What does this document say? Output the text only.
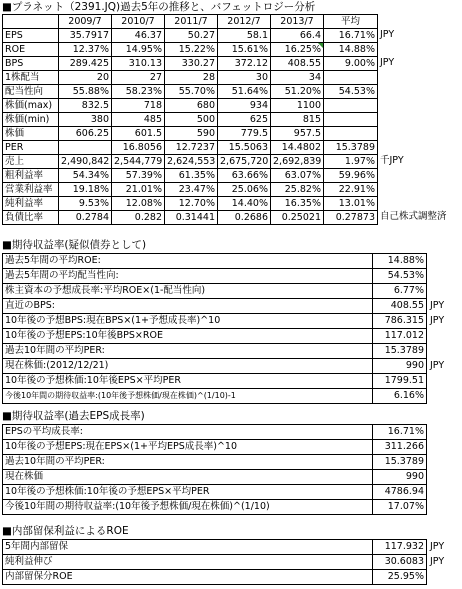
■プラネット（2391.JQ)過去5年の推移と、バフェットロジー分析
	2009/7	2010/7	2011/7	2012/7	2013/7	平均
EPS	35.7917	46.37	50.27	58.1	66.4	16.71%
ROE	12.37%	14.95%	15.22%	15.61%	16.25%	14.88%
BPS	289.425	310.13	330.27	372.12	408.55	9.00%
1株配当	20	27	28	30	34	
配当性向	55.88%	58.23%	55.70%	51.64%	51.20%	54.53%
株価(max)	832.5	718	680	934	1100	
株価(min)	380	485	500	625	815	
株価	606.25	601.5	590	779.5	957.5	
PER		16.8056	12.7237	15.5063	14.4802	15.3789
売上	2,490,842	2,544,779	2,624,553	2,675,720	2,692,839	1.97%
粗利益率	54.34%	57.39%	61.35%	63.66%	63.07%	59.96%
営業利益率	19.18%	21.01%	23.47%	25.06%	25.82%	22.91%
純利益率	9.53%	12.08%	12.70%	14.40%	16.35%	13.01%
負債比率	0.2784	0.282	0.31441	0.2686	0.25021	0.27873
JPY
JPY
千JPY
自己株式調整済
■期待収益率(疑似債券として)
過去5年間の平均ROE:	14.88%
過去5年間の平均配当性向:	54.53%
株主資本の予想成長率:平均ROE×(1-配当性向)	6.77%
直近のBPS:	408.55
10年後の予想BPS:現在BPS×(1+予想成長率)^10	786.315
10年後の予想EPS:10年後BPS×ROE	117.012
過去10年間の平均PER:	15.3789
現在株価:(2012/12/21)	990
10年後の予想株価:10年後EPS×平均PER	1799.51
今後10年間の期待収益率:(10年後予想株価/現在株価)^(1/10)-1	6.16%
JPY
JPY
JPY
■期待収益率(過去EPS成長率)
EPSの平均成長率:	16.71%
10年後の予想EPS:現在EPS×(1+平均EPS成長率)^10	311.266
過去10年間の平均PER:	15.3789
現在株価	990
10年後の予想株価:10年後の予想EPS×平均PER	4786.94
今後10年間の期待収益率:(10年後予想株価/現在株価)^(1/10)	17.07%
■内部留保利益によるROE
5年間内部留保	117.932
純利益伸び	30.6083
内部留保分ROE	25.95%
JPY
JPY
